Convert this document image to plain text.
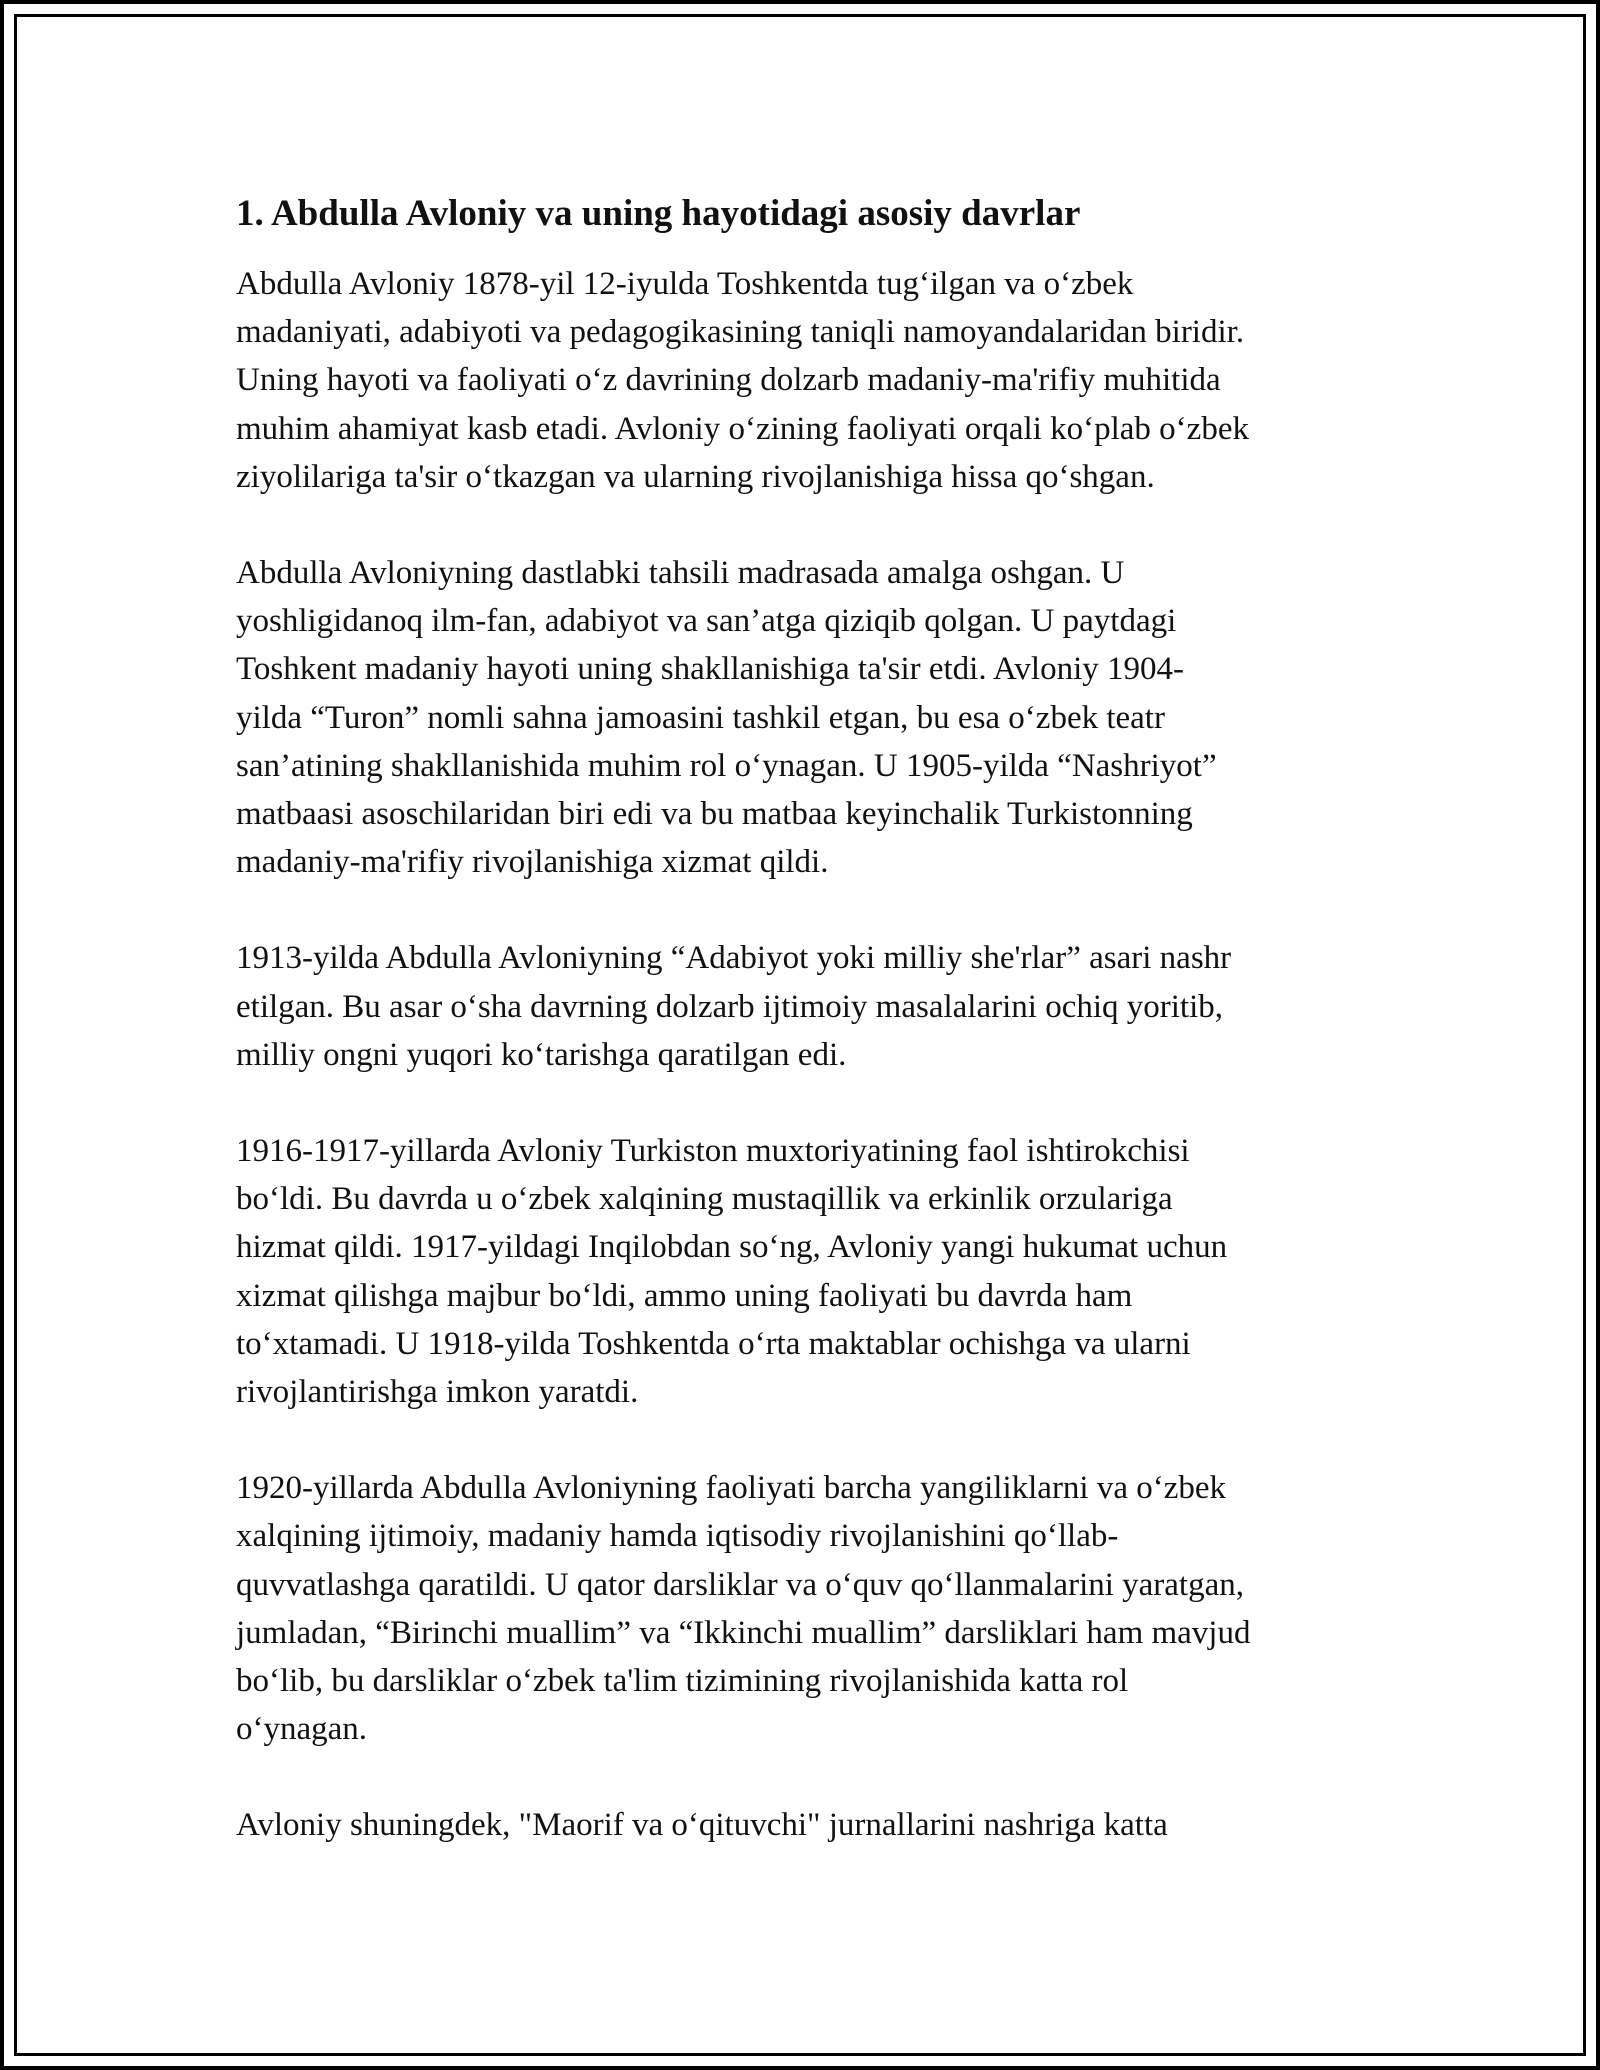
1. Abdulla Avloniy va uning hayotidagi asosiy davrlar

Abdulla Avloniy 1878-yil 12-iyulda Toshkentda tug‘ilgan va o‘zbek
madaniyati, adabiyoti va pedagogikasining taniqli namoyandalaridan biridir.
Uning hayoti va faoliyati o‘z davrining dolzarb madaniy-ma'rifiy muhitida
muhim ahamiyat kasb etadi. Avloniy o‘zining faoliyati orqali ko‘plab o‘zbek
ziyolilariga ta'sir o‘tkazgan va ularning rivojlanishiga hissa qo‘shgan.

Abdulla Avloniyning dastlabki tahsili madrasada amalga oshgan. U
yoshligidanoq ilm-fan, adabiyot va san’atga qiziqib qolgan. U paytdagi
Toshkent madaniy hayoti uning shakllanishiga ta'sir etdi. Avloniy 1904-
yilda “Turon” nomli sahna jamoasini tashkil etgan, bu esa o‘zbek teatr
san’atining shakllanishida muhim rol o‘ynagan. U 1905-yilda “Nashriyot”
matbaasi asoschilaridan biri edi va bu matbaa keyinchalik Turkistonning
madaniy-ma'rifiy rivojlanishiga xizmat qildi.

1913-yilda Abdulla Avloniyning “Adabiyot yoki milliy she'rlar” asari nashr
etilgan. Bu asar o‘sha davrning dolzarb ijtimoiy masalalarini ochiq yoritib,
milliy ongni yuqori ko‘tarishga qaratilgan edi.

1916-1917-yillarda Avloniy Turkiston muxtoriyatining faol ishtirokchisi
bo‘ldi. Bu davrda u o‘zbek xalqining mustaqillik va erkinlik orzulariga
hizmat qildi. 1917-yildagi Inqilobdan so‘ng, Avloniy yangi hukumat uchun
xizmat qilishga majbur bo‘ldi, ammo uning faoliyati bu davrda ham
to‘xtamadi. U 1918-yilda Toshkentda o‘rta maktablar ochishga va ularni
rivojlantirishga imkon yaratdi.

1920-yillarda Abdulla Avloniyning faoliyati barcha yangiliklarni va o‘zbek
xalqining ijtimoiy, madaniy hamda iqtisodiy rivojlanishini qo‘llab-
quvvatlashga qaratildi. U qator darsliklar va o‘quv qo‘llanmalarini yaratgan,
jumladan, “Birinchi muallim” va “Ikkinchi muallim” darsliklari ham mavjud
bo‘lib, bu darsliklar o‘zbek ta'lim tizimining rivojlanishida katta rol
o‘ynagan.

Avloniy shuningdek, "Maorif va o‘qituvchi" jurnallarini nashriga katta
